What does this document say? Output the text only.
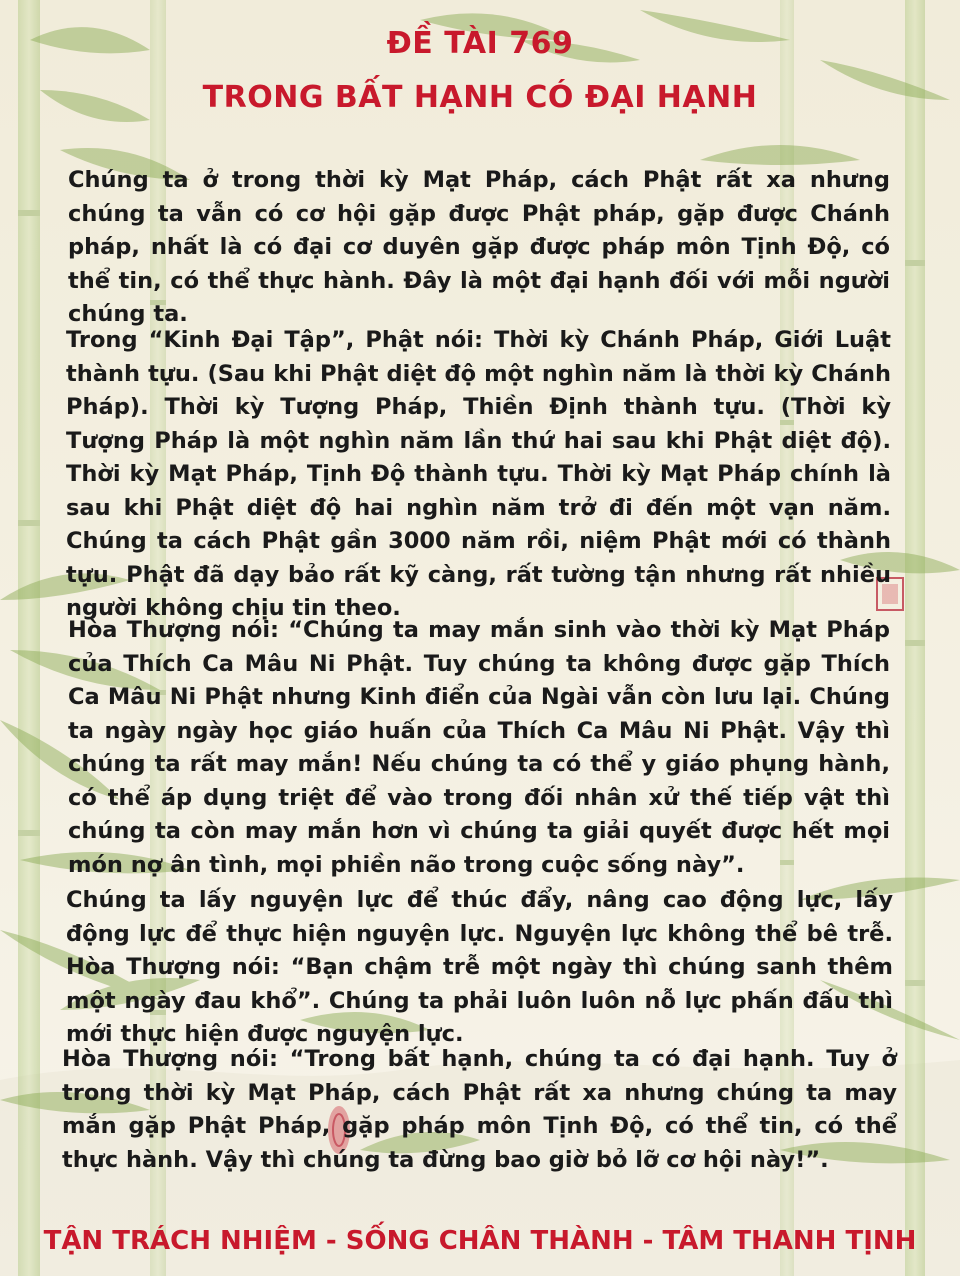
ĐỀ TÀI 769
TRONG BẤT HẠNH CÓ ĐẠI HẠNH

Chúng ta ở trong thời kỳ Mạt Pháp, cách Phật rất xa nhưng chúng ta vẫn có cơ hội gặp được Phật pháp, gặp được Chánh pháp, nhất là có đại cơ duyên gặp được pháp môn Tịnh Độ, có thể tin, có thể thực hành. Đây là một đại hạnh đối với mỗi người chúng ta.

Trong “Kinh Đại Tập”, Phật nói: Thời kỳ Chánh Pháp, Giới Luật thành tựu. (Sau khi Phật diệt độ một nghìn năm là thời kỳ Chánh Pháp). Thời kỳ Tượng Pháp, Thiền Định thành tựu. (Thời kỳ Tượng Pháp là một nghìn năm lần thứ hai sau khi Phật diệt độ). Thời kỳ Mạt Pháp, Tịnh Độ thành tựu. Thời kỳ Mạt Pháp chính là sau khi Phật diệt độ hai nghìn năm trở đi đến một vạn năm. Chúng ta cách Phật gần 3000 năm rồi, niệm Phật mới có thành tựu. Phật đã dạy bảo rất kỹ càng, rất tường tận nhưng rất nhiều người không chịu tin theo.

Hòa Thượng nói: “Chúng ta may mắn sinh vào thời kỳ Mạt Pháp của Thích Ca Mâu Ni Phật. Tuy chúng ta không được gặp Thích Ca Mâu Ni Phật nhưng Kinh điển của Ngài vẫn còn lưu lại. Chúng ta ngày ngày học giáo huấn của Thích Ca Mâu Ni Phật. Vậy thì chúng ta rất may mắn! Nếu chúng ta có thể y giáo phụng hành, có thể áp dụng triệt để vào trong đối nhân xử thế tiếp vật thì chúng ta còn may mắn hơn vì chúng ta giải quyết được hết mọi món nợ ân tình, mọi phiền não trong cuộc sống này”.

Chúng ta lấy nguyện lực để thúc đẩy, nâng cao động lực, lấy động lực để thực hiện nguyện lực. Nguyện lực không thể bê trễ. Hòa Thượng nói: “Bạn chậm trễ một ngày thì chúng sanh thêm một ngày đau khổ”. Chúng ta phải luôn luôn nỗ lực phấn đấu thì mới thực hiện được nguyện lực.

Hòa Thượng nói: “Trong bất hạnh, chúng ta có đại hạnh. Tuy ở trong thời kỳ Mạt Pháp, cách Phật rất xa nhưng chúng ta may mắn gặp Phật Pháp, gặp pháp môn Tịnh Độ, có thể tin, có thể thực hành. Vậy thì chúng ta đừng bao giờ bỏ lỡ cơ hội này!”.

TẬN TRÁCH NHIỆM - SỐNG CHÂN THÀNH - TÂM THANH TỊNH
